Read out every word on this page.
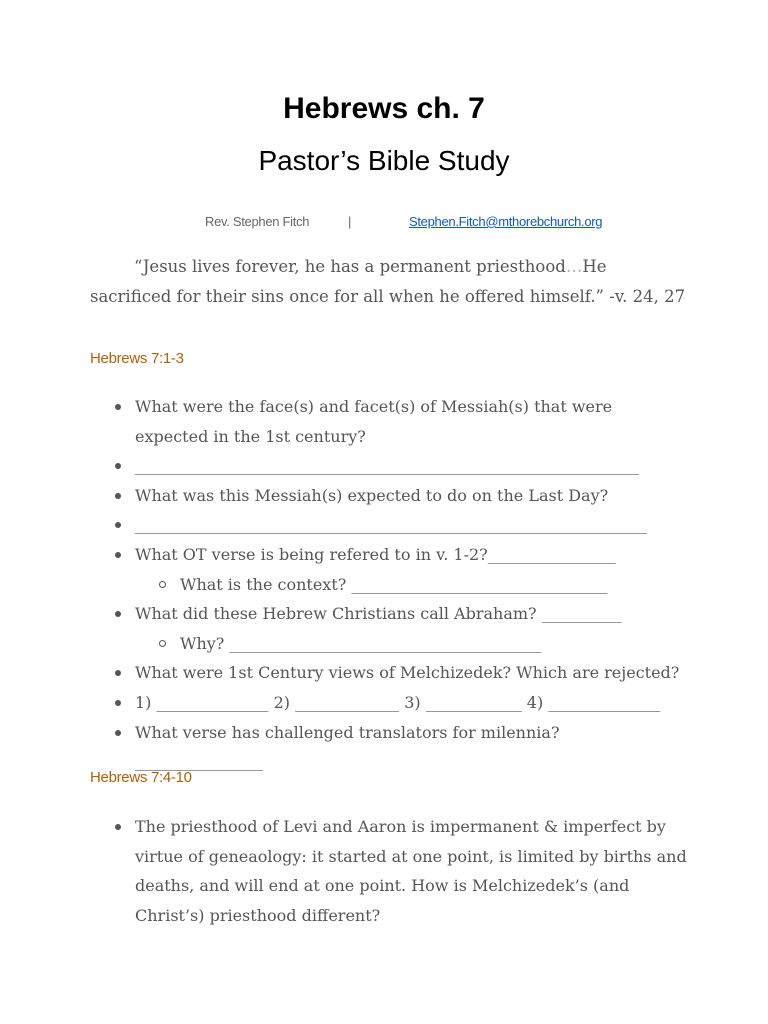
Hebrews ch. 7
Pastor’s Bible Study
Rev. Stephen Fitch	|	Stephen.Fitch@mthorebchurch.org
“Jesus lives forever, he has a permanent priesthood…He sacrificed for their sins once for all when he offered himself.” -v. 24, 27
Hebrews 7:1-3
What were the face(s) and facet(s) of Messiah(s) that were expected in the 1st century?
_______________________________________________________________
What was this Messiah(s) expected to do on the Last Day?
________________________________________________________________
What OT verse is being refered to in v. 1-2?________________
What is the context? ________________________________
What did these Hebrew Christians call Abraham? __________
Why? _______________________________________
What were 1st Century views of Melchizedek? Which are rejected?
1) ______________ 2) _____________ 3) ____________ 4) ______________
What verse has challenged translators for milennia? ________________
Hebrews 7:4-10
The priesthood of Levi and Aaron is impermanent & imperfect by virtue of geneaology: it started at one point, is limited by births and deaths, and will end at one point. How is Melchizedek’s (and Christ’s) priesthood different?
